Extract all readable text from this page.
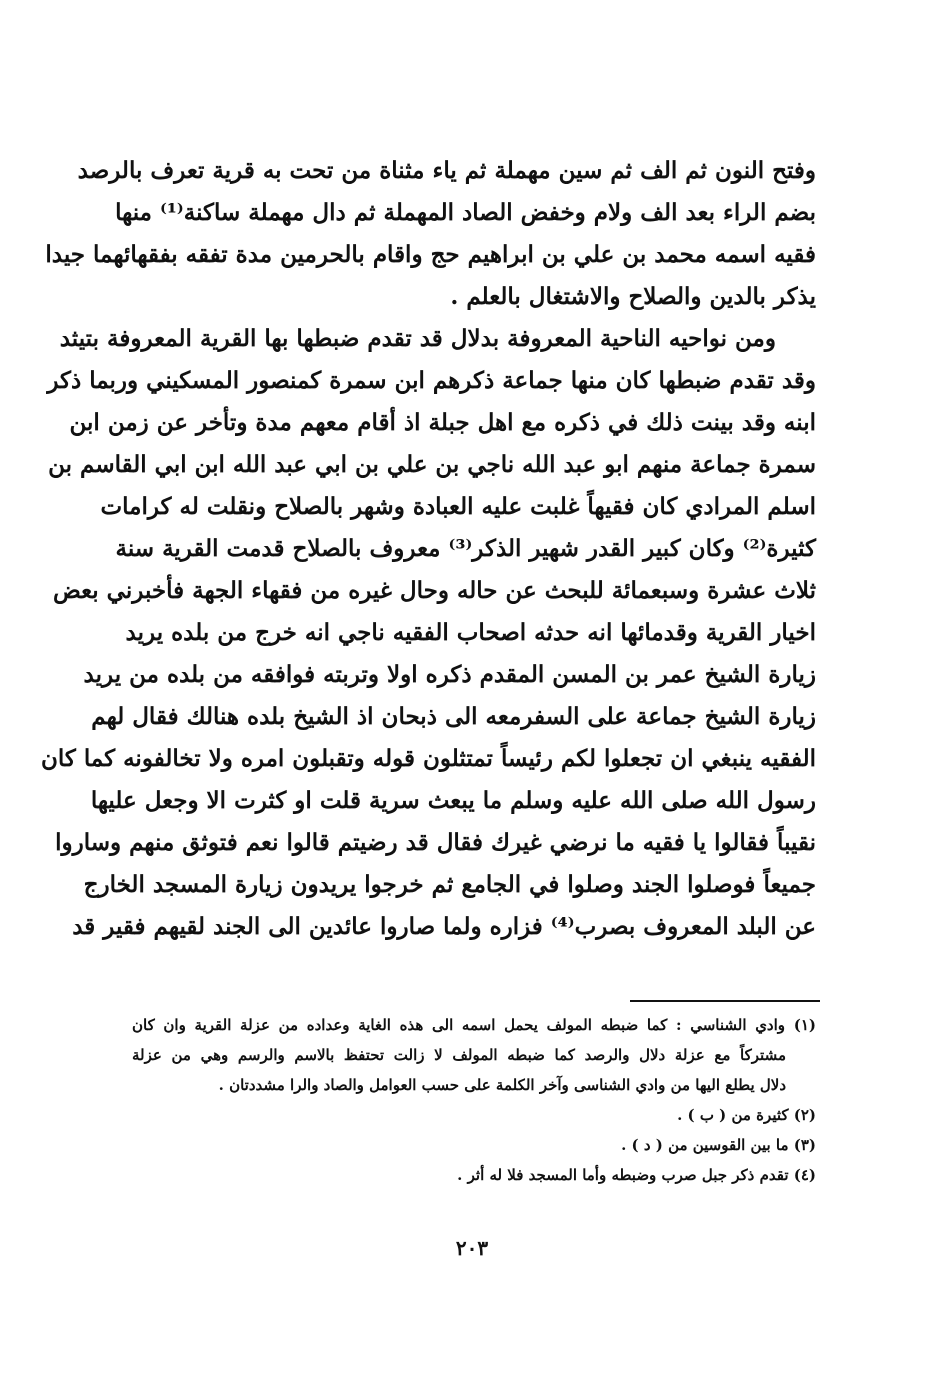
وفتح النون ثم الف ثم سين مهملة ثم ياء مثناة من تحت به قرية تعرف بالرصد
بضم الراء بعد الف ولام وخفض الصاد المهملة ثم دال مهملة ساكنة⁽¹⁾ منها
فقيه اسمه محمد بن علي بن ابراهيم حج واقام بالحرمين مدة تفقه بفقهائهما جيدا
يذكر بالدين والصلاح والاشتغال بالعلم .
ومن نواحيه الناحية المعروفة بدلال قد تقدم ضبطها بها القرية المعروفة بتيثد
وقد تقدم ضبطها كان منها جماعة ذكرهم ابن سمرة كمنصور المسكيني وربما ذكر
ابنه وقد بينت ذلك في ذكره مع اهل جبلة اذ أقام معهم مدة وتأخر عن زمن ابن
سمرة جماعة منهم ابو عبد الله ناجي بن علي بن ابي عبد الله ابن ابي القاسم بن
اسلم المرادي كان فقيهاً غلبت عليه العبادة وشهر بالصلاح ونقلت له كرامات
كثيرة⁽²⁾ وكان كبير القدر شهير الذكر⁽³⁾ معروف بالصلاح قدمت القرية سنة
ثلاث عشرة وسبعمائة للبحث عن حاله وحال غيره من فقهاء الجهة فأخبرني بعض
اخيار القرية وقدمائها انه حدثه اصحاب الفقيه ناجي انه خرج من بلده يريد
زيارة الشيخ عمر بن المسن المقدم ذكره اولا وتربته فوافقه من بلده من يريد
زيارة الشيخ جماعة على السفرمعه الى ذبحان اذ الشيخ بلده هنالك فقال لهم
الفقيه ينبغي ان تجعلوا لكم رئيساً تمتثلون قوله وتقبلون امره ولا تخالفونه كما كان
رسول الله صلى الله عليه وسلم ما يبعث سرية قلت او كثرت الا وجعل عليها
نقيباً فقالوا يا فقيه ما نرضي غيرك فقال قد رضيتم قالوا نعم فتوثق منهم وساروا
جميعاً فوصلوا الجند وصلوا في الجامع ثم خرجوا يريدون زيارة المسجد الخارج
عن البلد المعروف بصرب⁽⁴⁾ فزاره ولما صاروا عائدين الى الجند لقيهم فقير قد
(١) وادي الشناسي : كما ضبطه المولف يحمل اسمه الى هذه الغاية وعداده من عزلة القرية وان كان
مشتركاً مع عزلة دلال والرصد كما ضبطه المولف لا زالت تحتفظ بالاسم والرسم وهي من عزلة
دلال يطلع اليها من وادي الشناسى وآخر الكلمة على حسب العوامل والصاد والرا مشددتان .
(٢) كثيرة من ( ب ) .
(٣) ما بين القوسين من ( د ) .
(٤) تقدم ذكر جبل صرب وضبطه وأما المسجد فلا له أثر .
٢٠٣
